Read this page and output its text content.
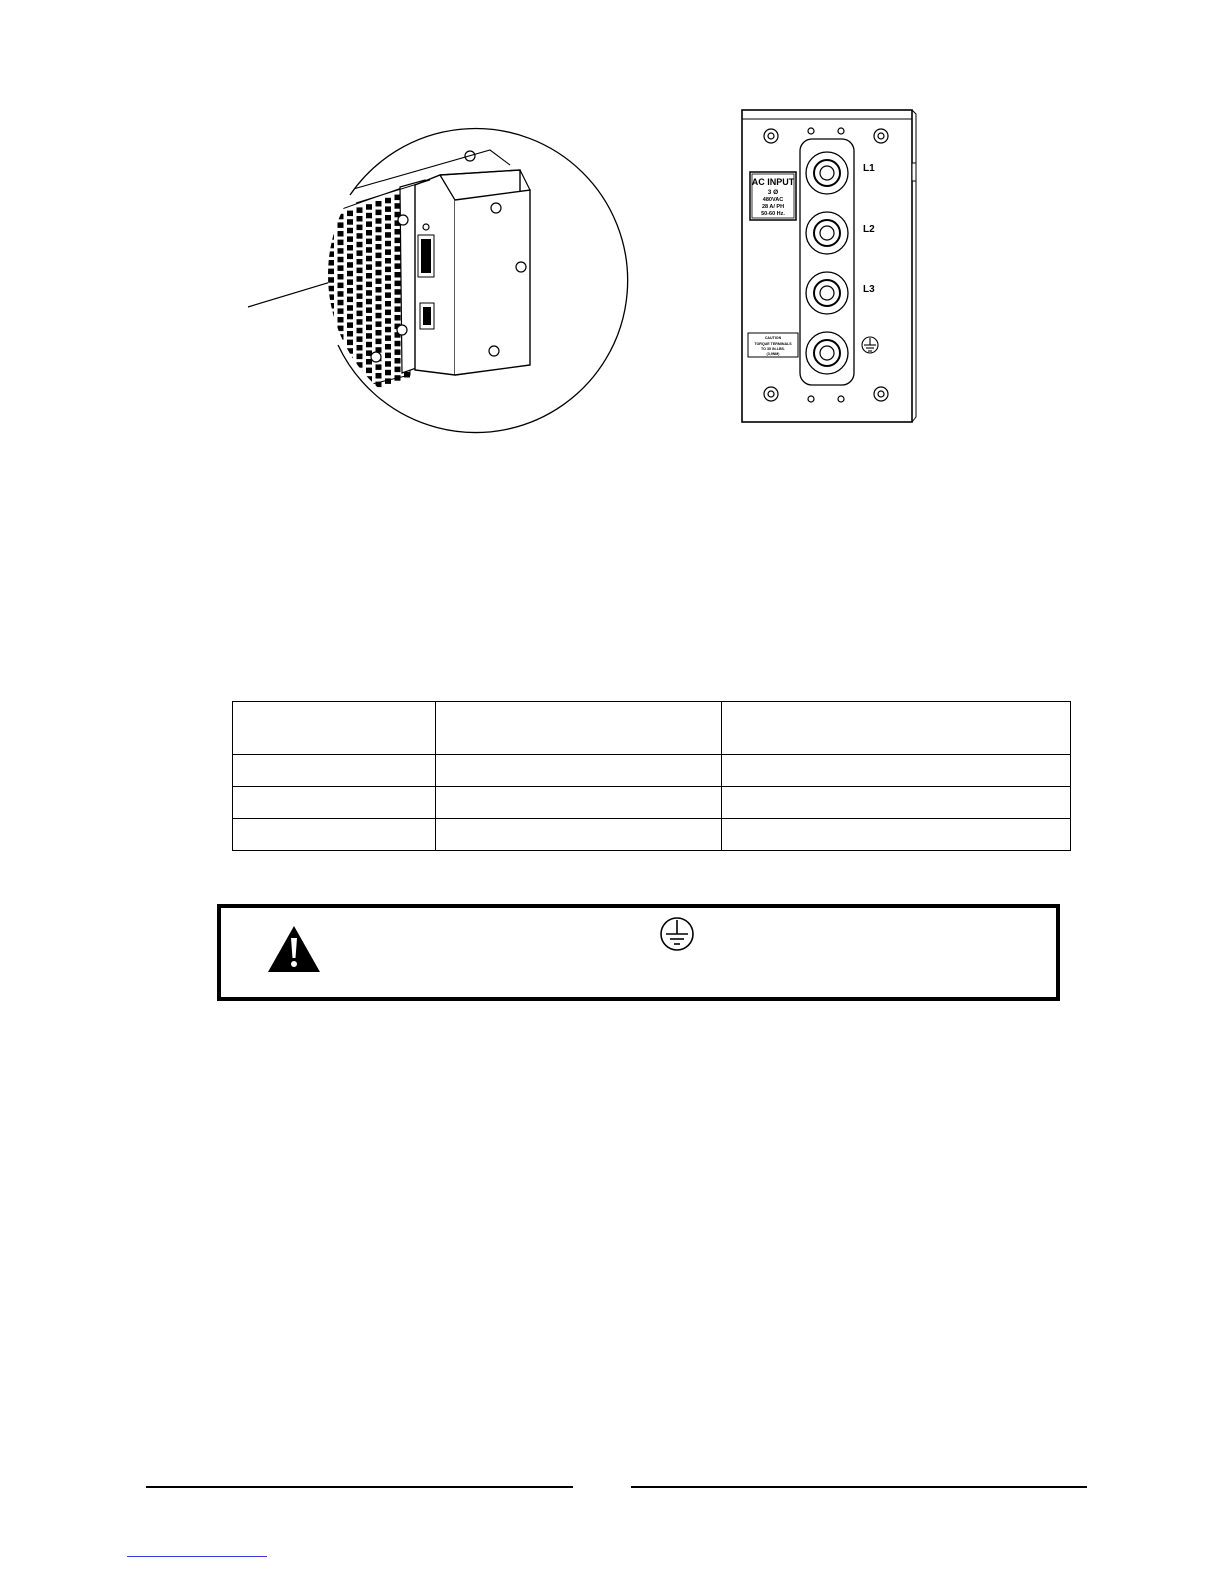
AC INPUT
3 Ø
480VAC
28 A/ PH
50-60 Hz.
L1
L2
L3
CAUTION
TORQUE TERMINALS
TO 35 IN-LBS.
(3,9NM)
